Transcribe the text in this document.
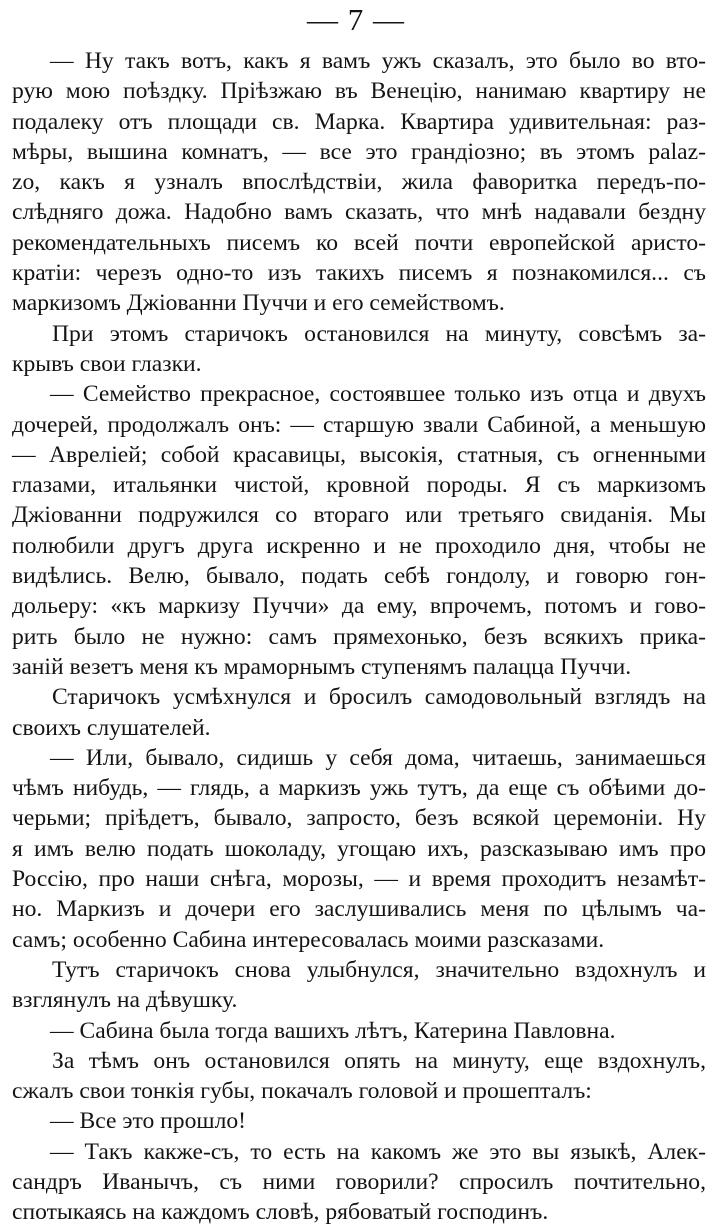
— 7 —
— Ну такъ вотъ, какъ я вамъ ужъ сказалъ, это было во вто-
рую мою поѣздку. Пріѣзжаю въ Венецію, нанимаю квартиру не
подалеку отъ площади св. Марка. Квартира удивительная: раз-
мѣры, вышина комнатъ, — все это грандіозно; въ этомъ palaz-
zo, какъ я узналъ впослѣдствіи, жила фаворитка передъ-по-
слѣдняго дожа. Надобно вамъ сказать, что мнѣ надавали бездну
рекомендательныхъ писемъ ко всей почти европейской аристо-
кратіи: черезъ одно-то изъ такихъ писемъ я познакомился... съ
маркизомъ Джіованни Пуччи и его семействомъ.
При этомъ старичокъ остановился на минуту, совсѣмъ за-
крывъ свои глазки.
— Семейство прекрасное, состоявшее только изъ отца и двухъ
дочерей, продолжалъ онъ: — старшую звали Сабиной, а меньшую
— Авреліей; собой красавицы, высокія, статныя, съ огненными
глазами, итальянки чистой, кровной породы. Я съ маркизомъ
Джіованни подружился со втораго или третьяго свиданія. Мы
полюбили другъ друга искренно и не проходило дня, чтобы не
видѣлись. Велю, бывало, подать себѣ гондолу, и говорю гон-
дольеру: «къ маркизу Пуччи» да ему, впрочемъ, потомъ и гово-
рить было не нужно: самъ прямехонько, безъ всякихъ прика-
заній везетъ меня къ мраморнымъ ступенямъ палацца Пуччи.
Старичокъ усмѣхнулся и бросилъ самодовольный взглядъ на
своихъ слушателей.
— Или, бывало, сидишь у себя дома, читаешь, занимаешься
чѣмъ нибудь, — глядь, а маркизъ ужь тутъ, да еще съ обѣими до-
черьми; пріѣдетъ, бывало, запросто, безъ всякой церемоніи. Ну
я имъ велю подать шоколаду, угощаю ихъ, разсказываю имъ про
Россію, про наши снѣга, морозы, — и время проходитъ незамѣт-
но. Маркизъ и дочери его заслушивались меня по цѣлымъ ча-
самъ; особенно Сабина интересовалась моими разсказами.
Тутъ старичокъ снова улыбнулся, значительно вздохнулъ и
взглянулъ на дѣвушку.
— Сабина была тогда вашихъ лѣтъ, Катерина Павловна.
За тѣмъ онъ остановился опять на минуту, еще вздохнулъ,
сжалъ свои тонкія губы, покачалъ головой и прошепталъ:
— Все это прошло!
— Такъ какже-съ, то есть на какомъ же это вы языкѣ, Алек-
сандръ Иванычъ, съ ними говорили? спросилъ почтительно,
спотыкаясь на каждомъ словѣ, рябоватый господинъ.
